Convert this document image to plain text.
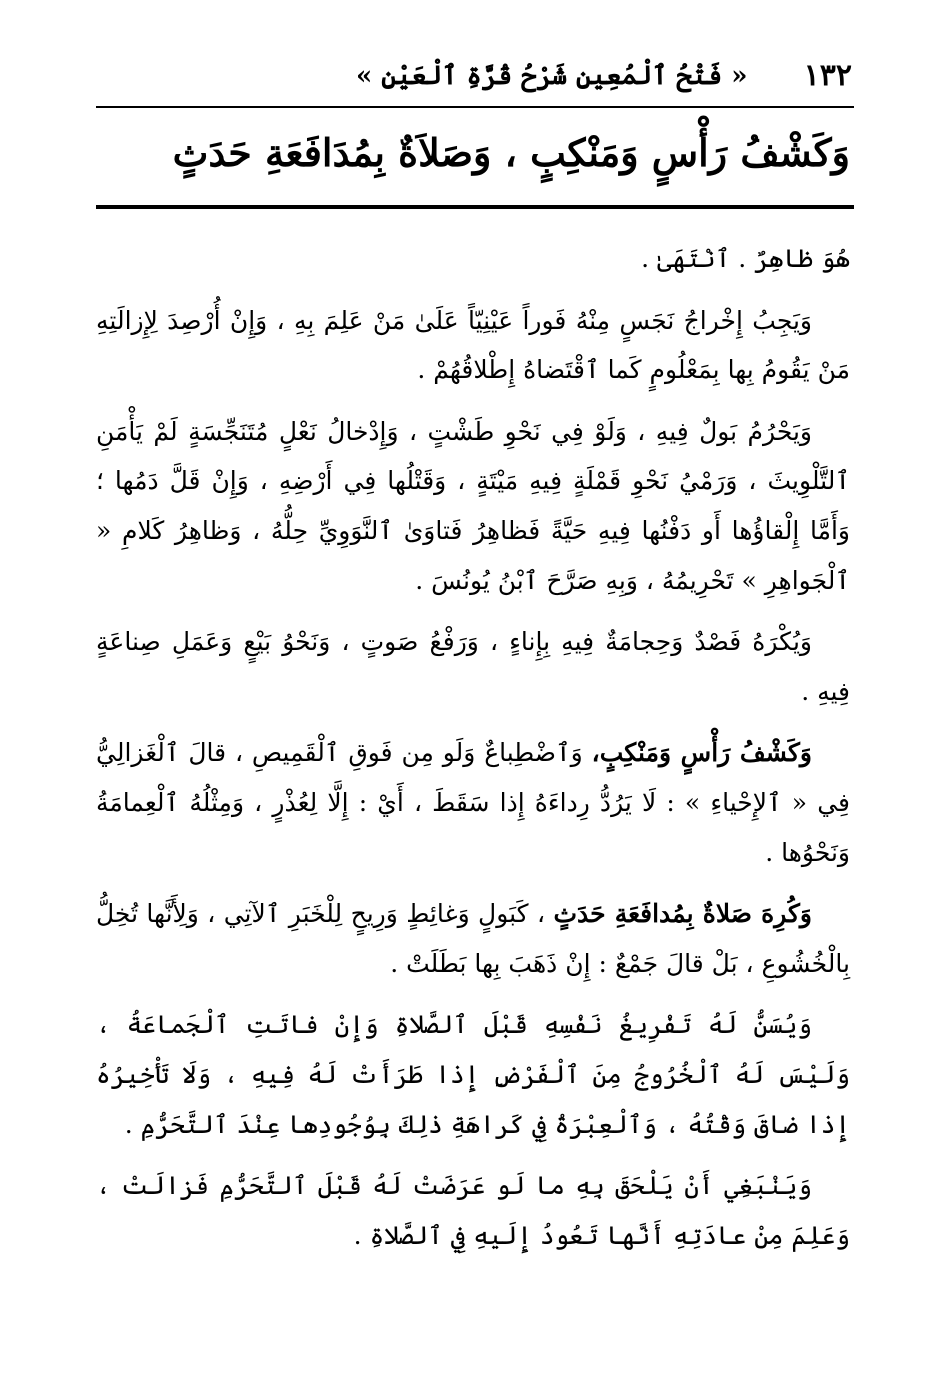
١٣٢
« فَتْحُ ٱلْمُعِينِ شَرْحُ قُرَّةِ ٱلْعَيْنِ »
وَكَشْفُ رَأْسٍ وَمَنْكِبٍ ، وَصَلاَةٌ بِمُدَافَعَةِ حَدَثٍ

هُوَ ظاهِرٌ . ٱنْتَهَىٰ .

وَيَجِبُ إِخْراجُ نَجَسٍ مِنْهُ فَوراً عَيْنِيّاً عَلَىٰ مَنْ عَلِمَ بِهِ ، وَإِنْ أُرْصِدَ لِإِزالَتِهِ مَنْ يَقُومُ بِها بِمَعْلُومٍ كَما ٱقْتَضاهُ إِطْلاقُهُمْ .

وَيَحْرُمُ بَولٌ فِيهِ ، وَلَوْ فِي نَحْوِ طَشْتٍ ، وَإِدْخالُ نَعْلٍ مُتَنَجِّسَةٍ لَمْ يَأْمَنِ ٱلتَّلْوِيثَ ، وَرَمْيُ نَحْوِ قَمْلَةٍ فِيهِ مَيْتَةٍ ، وَقَتْلُها فِي أَرْضِهِ ، وَإِنْ قَلَّ دَمُها ؛ وَأَمَّا إِلْقاؤُها أَو دَفْنُها فِيهِ حَيَّةً فَظاهِرُ فَتاوَىٰ ٱلنَّوَوِيِّ حِلُّهُ ، وَظاهِرُ كَلامِ « ٱلْجَواهِرِ » تَحْرِيمُهُ ، وَبِهِ صَرَّحَ ٱبْنُ يُونُسَ .

وَيُكْرَهُ فَصْدٌ وَحِجامَةٌ فِيهِ بِإِناءٍ ، وَرَفْعُ صَوتٍ ، وَنَحْوُ بَيْعٍ وَعَمَلِ صِناعَةٍ فِيهِ .

وَكَشْفُ رَأْسٍ وَمَنْكِبٍ، وَٱضْطِباعٌ وَلَو مِن فَوقِ ٱلْقَمِيصِ ، قالَ ٱلْغَزالِيُّ فِي « ٱلإِحْياءِ » : لَا يَرُدُّ رِداءَهُ إِذا سَقَطَ ، أَيْ : إِلَّا لِعُذْرٍ ، وَمِثْلُهُ ٱلْعِمامَةُ وَنَحْوُها .

وَكُرِهَ صَلاةٌ بِمُدافَعَةِ حَدَثٍ ، كَبَولٍ وَغائِطٍ وَرِيحٍ لِلْخَبَرِ ٱلآتِي ، وَلِأَنَّها تُخِلُّ بِالْخُشُوعِ ، بَلْ قالَ جَمْعٌ : إِنْ ذَهَبَ بِها بَطَلَتْ .

وَيُسَنُّ لَهُ تَفْرِيغُ نَفْسِهِ قَبْلَ ٱلصَّلاةِ وَإِنْ فاتَتِ ٱلْجَماعَةُ ، وَلَيْسَ لَهُ ٱلْخُرُوجُ مِنَ ٱلْفَرْضِ إِذا طَرَأَتْ لَهُ فِيهِ ، وَلَا تَأْخِيرُهُ إِذا ضاقَ وَقْتُهُ ، وَٱلْعِبْرَةُ فِي كَراهَةِ ذٰلِكَ بِوُجُودِها عِنْدَ ٱلتَّحَرُّمِ .

وَيَنْبَغِي أَنْ يَلْحَقَ بِهِ ما لَو عَرَضَتْ لَهُ قَبْلَ ٱلتَّحَرُّمِ فَزالَتْ ، وَعَلِمَ مِنْ عادَتِهِ أَنَّها تَعُودُ إِلَيهِ فِي ٱلصَّلاةِ .
